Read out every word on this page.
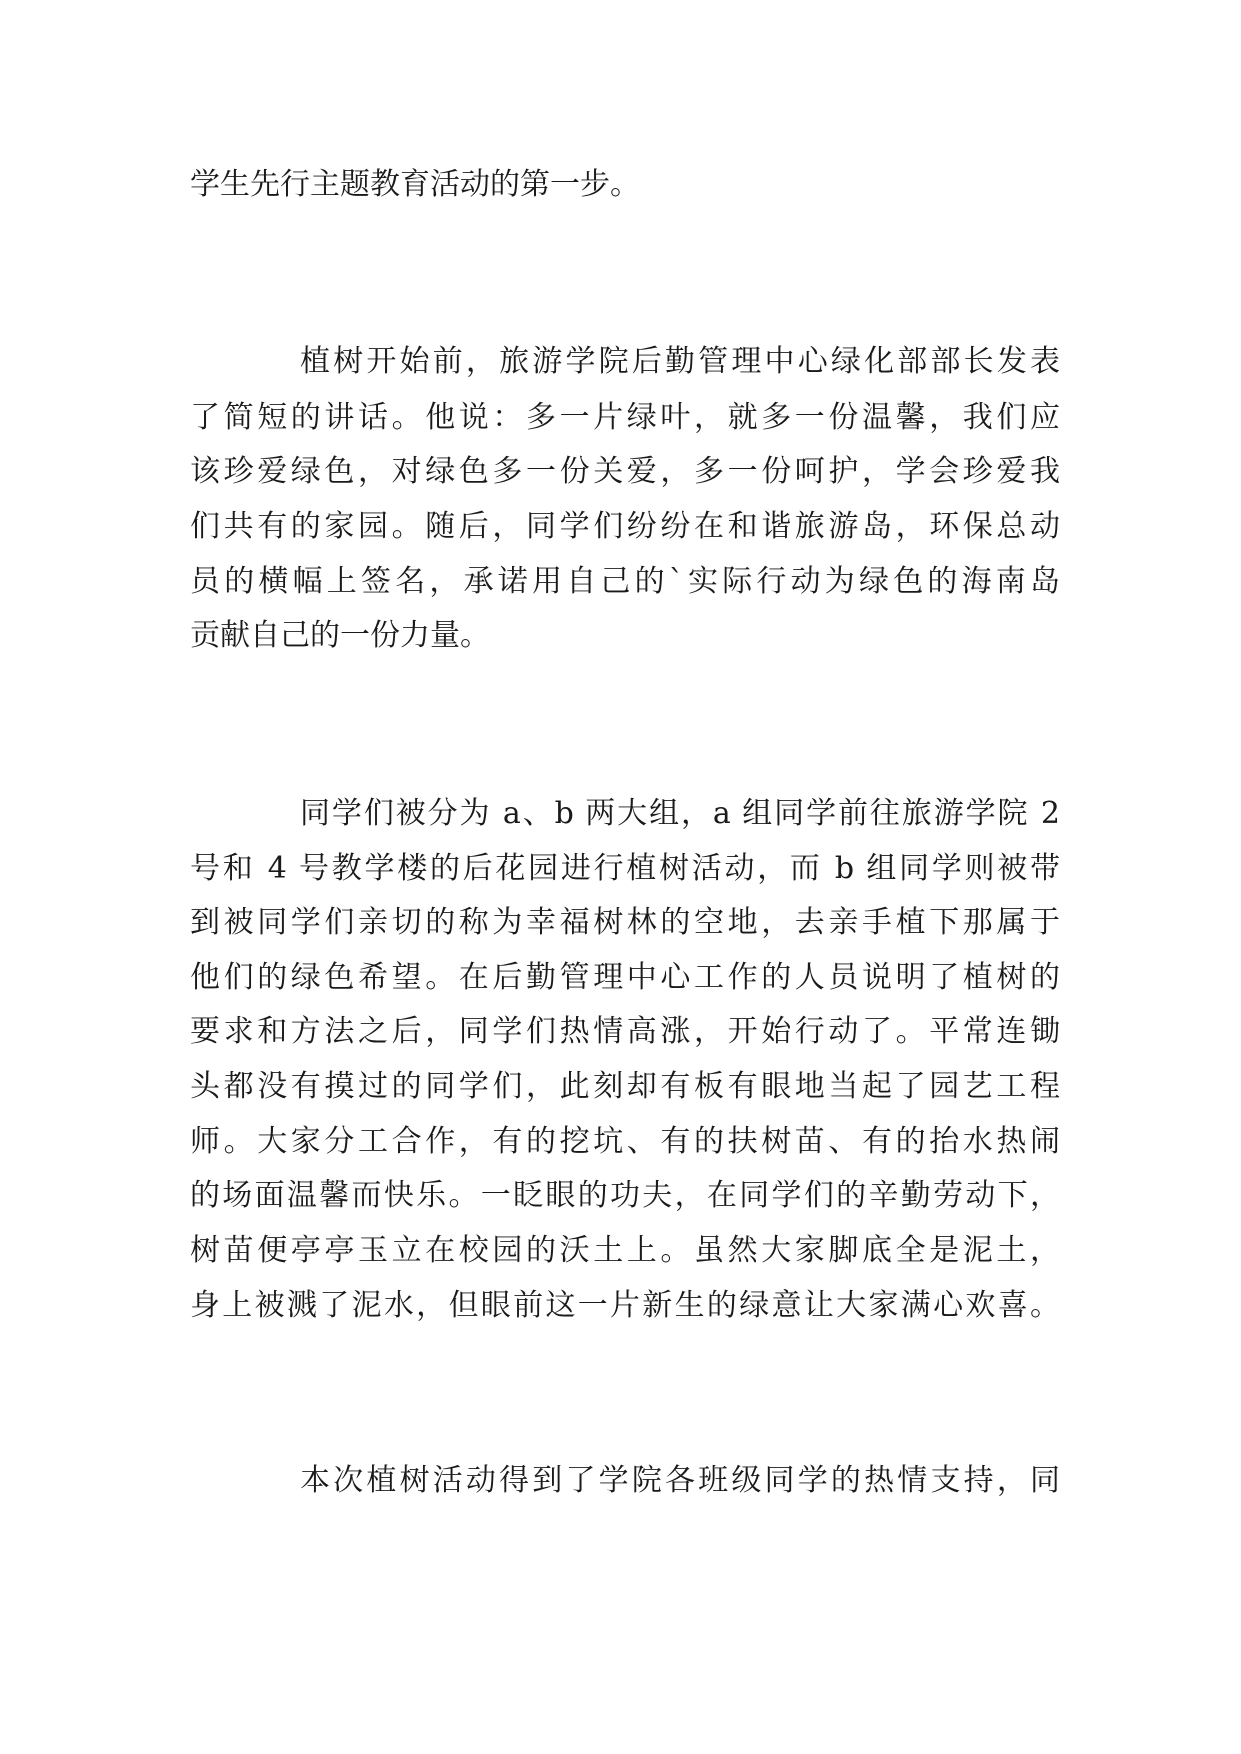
学生先行主题教育活动的第一步。

植树开始前，旅游学院后勤管理中心绿化部部长发表

了简短的讲话。他说：多一片绿叶，就多一份温馨，我们应

该珍爱绿色，对绿色多一份关爱，多一份呵护，学会珍爱我

们共有的家园。随后，同学们纷纷在和谐旅游岛，环保总动

员的横幅上签名，承诺用自己的`实际行动为绿色的海南岛

贡献自己的一份力量。

同学们被分为 a、b 两大组，a 组同学前往旅游学院 2

号和 4 号教学楼的后花园进行植树活动，而 b 组同学则被带

到被同学们亲切的称为幸福树林的空地，去亲手植下那属于

他们的绿色希望。在后勤管理中心工作的人员说明了植树的

要求和方法之后，同学们热情高涨，开始行动了。平常连锄

头都没有摸过的同学们，此刻却有板有眼地当起了园艺工程

师。大家分工合作，有的挖坑、有的扶树苗、有的抬水热闹

的场面温馨而快乐。一眨眼的功夫，在同学们的辛勤劳动下，

树苗便亭亭玉立在校园的沃土上。虽然大家脚底全是泥土，

身上被溅了泥水，但眼前这一片新生的绿意让大家满心欢喜。

本次植树活动得到了学院各班级同学的热情支持，同
